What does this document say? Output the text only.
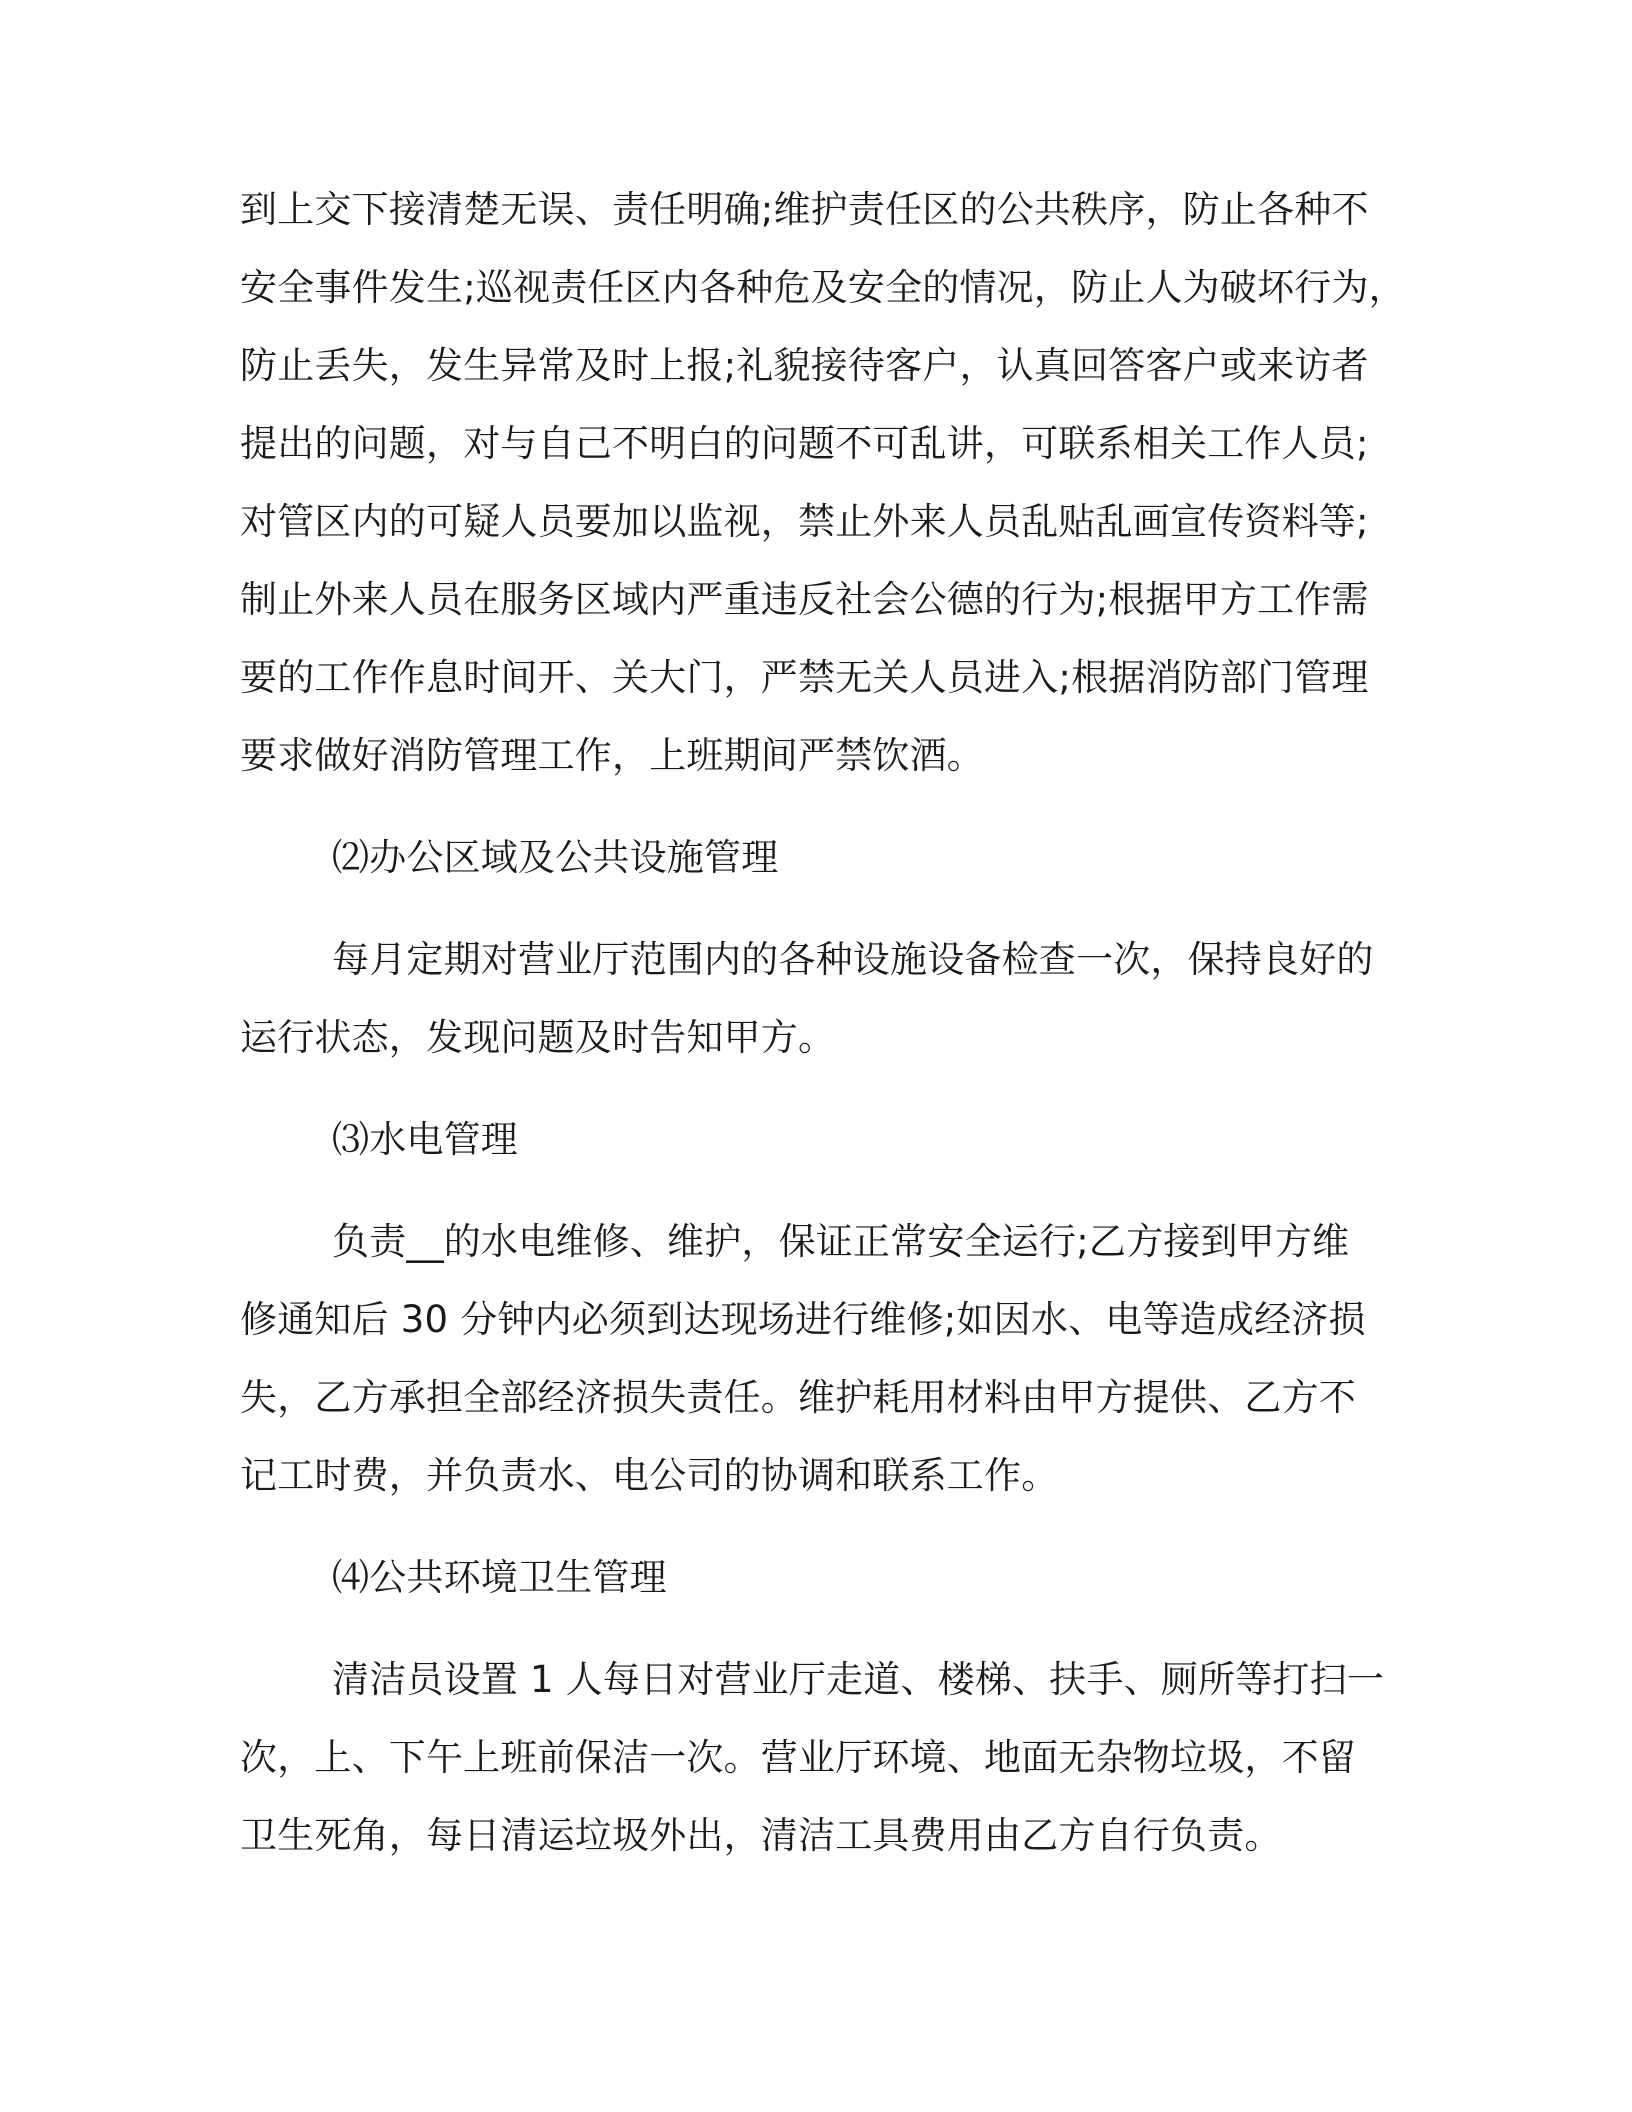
到上交下接清楚无误、责任明确;维护责任区的公共秩序，防止各种不
安全事件发生;巡视责任区内各种危及安全的情况，防止人为破坏行为，
防止丢失，发生异常及时上报;礼貌接待客户，认真回答客户或来访者
提出的问题，对与自己不明白的问题不可乱讲，可联系相关工作人员;
对管区内的可疑人员要加以监视，禁止外来人员乱贴乱画宣传资料等;
制止外来人员在服务区域内严重违反社会公德的行为;根据甲方工作需
要的工作作息时间开、关大门，严禁无关人员进入;根据消防部门管理
要求做好消防管理工作，上班期间严禁饮酒。
⑵办公区域及公共设施管理
每月定期对营业厅范围内的各种设施设备检查一次，保持良好的
运行状态，发现问题及时告知甲方。
⑶水电管理
负责__的水电维修、维护，保证正常安全运行;乙方接到甲方维
修通知后 30 分钟内必须到达现场进行维修;如因水、电等造成经济损
失，乙方承担全部经济损失责任。维护耗用材料由甲方提供、乙方不
记工时费，并负责水、电公司的协调和联系工作。
⑷公共环境卫生管理
清洁员设置 1 人每日对营业厅走道、楼梯、扶手、厕所等打扫一
次，上、下午上班前保洁一次。营业厅环境、地面无杂物垃圾，不留
卫生死角，每日清运垃圾外出，清洁工具费用由乙方自行负责。
